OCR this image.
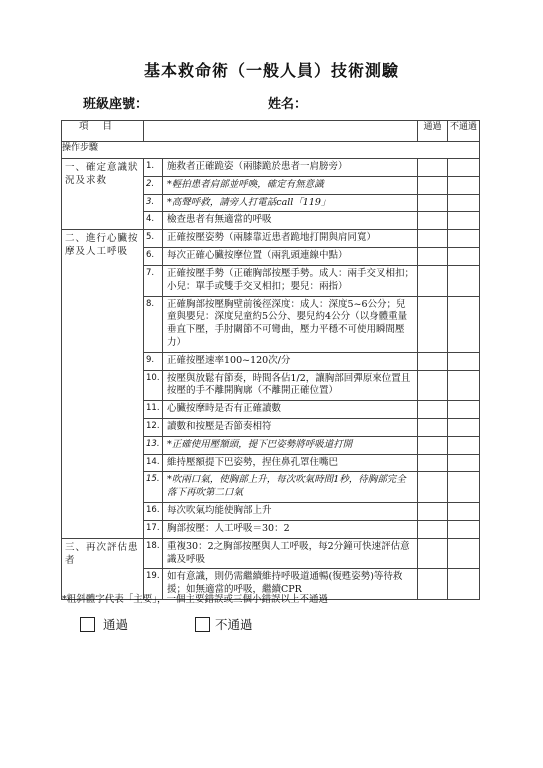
基本救命術（一般人員）技術測驗
班級座號：	姓名：
項目			通過	不通過
操作步驟				
一、確定意識狀況及求救	1.	施救者正確跪姿（兩膝跪於患者一肩膀旁）		
	2.	*輕拍患者肩部並呼喚，確定有無意識		
	3.	*高聲呼救，請旁人打電話call「119」		
	4.	檢查患者有無適當的呼吸		
二、進行心臟按摩及人工呼吸	5.	正確按壓姿勢（兩膝靠近患者跪地打開與肩同寬）		
	6.	每次正確心臟按摩位置（兩乳頭連線中點）		
	7.	正確按壓手勢（正確胸部按壓手勢。成人：兩手交叉相扣；小兒：單手或雙手交叉相扣；嬰兒：兩指）		
	8.	正確胸部按壓胸壁前後徑深度：成人：深度5~6公分；兒童與嬰兒：深度兒童約5公分、嬰兒約4公分（以身體重量垂直下壓，手肘關節不可彎曲，壓力平穩不可使用瞬間壓力）		
	9.	正確按壓速率100~120次/分		
	10.	按壓與放鬆有節奏，時間各佔1/2，讓胸部回彈原來位置且按壓的手不離開胸廓（不離開正確位置）		
	11.	心臟按摩時是否有正確讀數		
	12.	讀數和按壓是否節奏相符		
	13.	*正確使用壓額頭，提下巴姿勢將呼吸道打開		
	14.	維持壓額提下巴姿勢，捏住鼻孔罩住嘴巴		
	15.	*吹兩口氣，使胸部上升，每次吹氣時間1秒，待胸部完全落下再吹第二口氣		
	16.	每次吹氣均能使胸部上升		
	17.	胸部按壓：人工呼吸＝30：2		
三、再次評估患者	18.	重複30：2之胸部按壓與人工呼吸，每2分鐘可快速評估意識及呼吸		
	19.	如有意識，則仍需繼續維持呼吸道通暢(復甦姿勢)等待救援；如無適當的呼吸，繼續CPR		
*粗斜體字代表「主要」，一個主要錯誤或三個小錯誤以上不通過
通過	不通過
